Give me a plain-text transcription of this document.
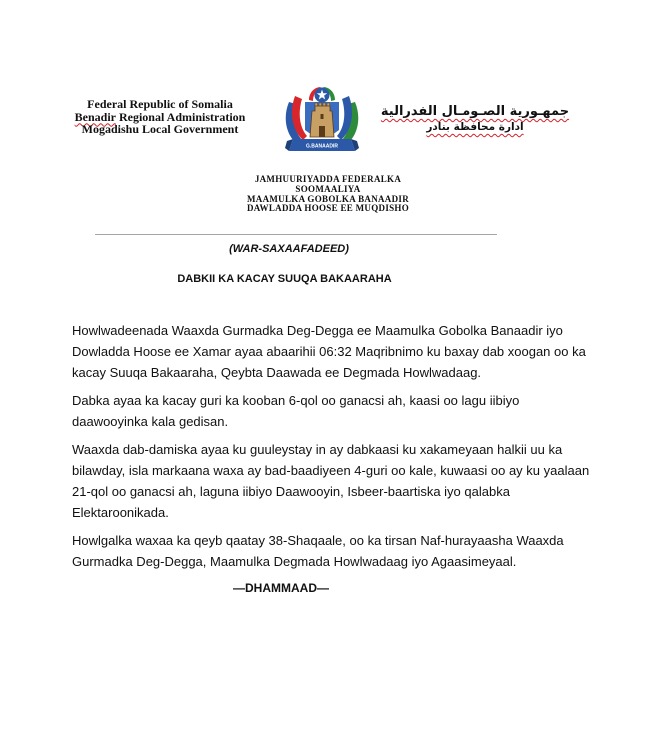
Federal Republic of Somalia
Benadir Regional Administration
Mogadishu Local Government
G.BANAADIR
جمهـورية الصـومـال الفدرالية
ادارة محافظة بنادر
JAMHUURIYADDA FEDERALKA
SOOMAALIYA
MAAMULKA GOBOLKA BANAADIR
DAWLADDA HOOSE EE MUQDISHO
(WAR-SAXAAFADEED)
DABKII KA KACAY SUUQA BAKAARAHA
Howlwadeenada Waaxda Gurmadka Deg-Degga ee Maamulka Gobolka Banaadir iyo
Dowladda Hoose ee Xamar ayaa abaarihii 06:32 Maqribnimo ku baxay dab xoogan oo ka
kacay Suuqa Bakaaraha, Qeybta Daawada ee Degmada Howlwadaag.
Dabka ayaa ka kacay guri ka kooban 6-qol oo ganacsi ah, kaasi oo lagu iibiyo
daawooyinka kala gedisan.
Waaxda dab-damiska ayaa ku guuleystay in ay dabkaasi ku xakameyaan halkii uu ka
bilawday, isla markaana waxa ay bad-baadiyeen 4-guri oo kale, kuwaasi oo ay ku yaalaan
21-qol oo ganacsi ah, laguna iibiyo Daawooyin, Isbeer-baartiska iyo qalabka
Elektaroonikada.
Howlgalka waxaa ka qeyb qaatay 38-Shaqaale, oo ka tirsan Naf-hurayaasha Waaxda
Gurmadka Deg-Degga, Maamulka Degmada Howlwadaag iyo Agaasimeyaal.
—DHAMMAAD—
